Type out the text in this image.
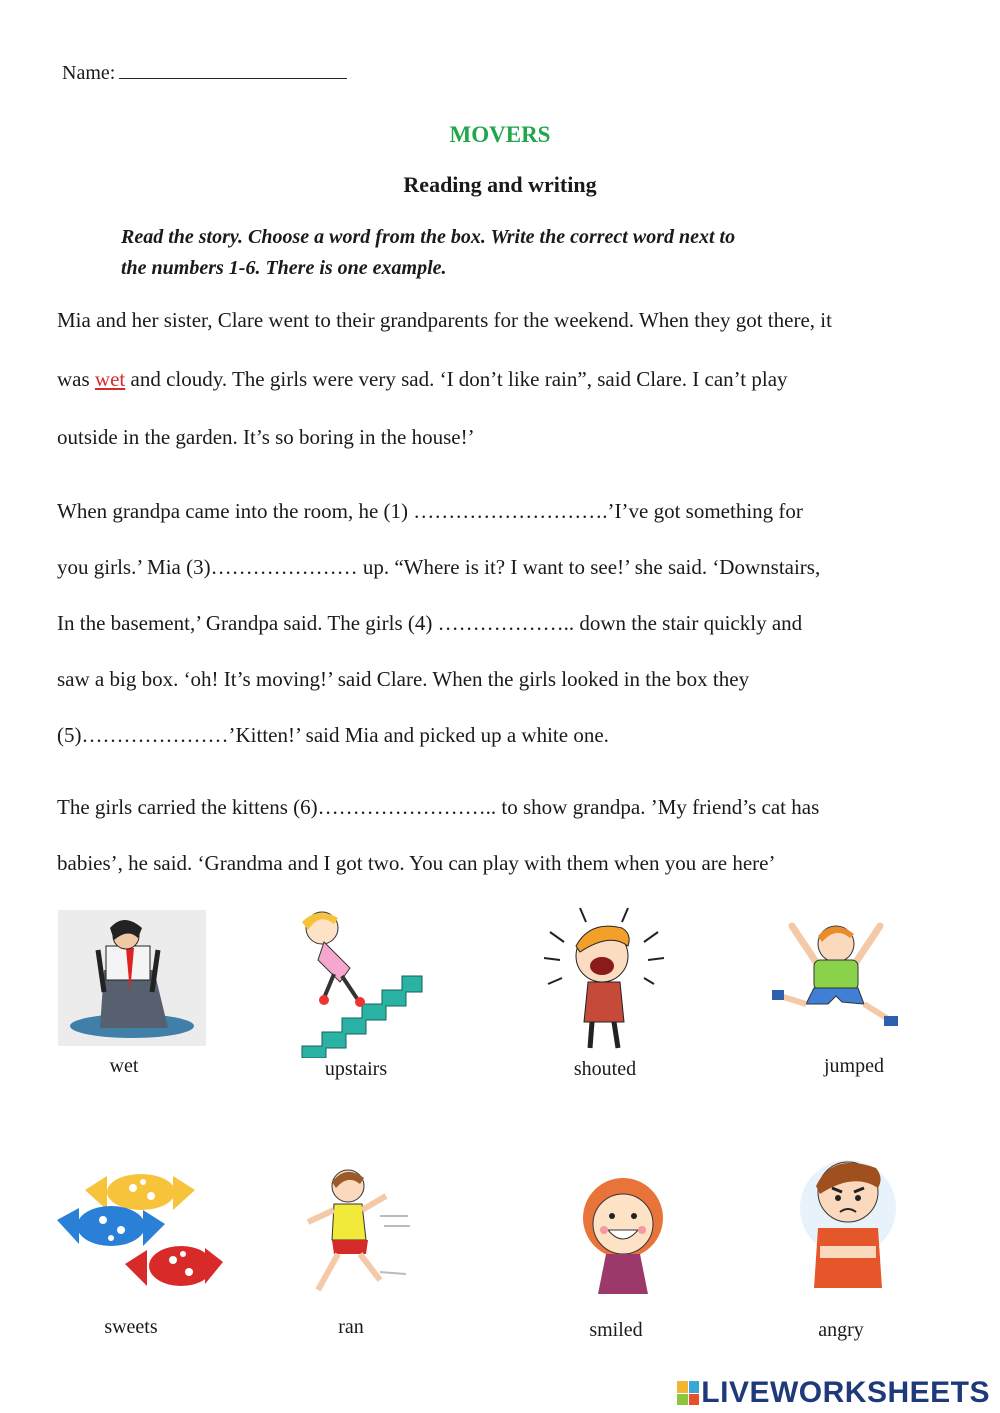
Name:
MOVERS
Reading and writing
Read the story. Choose a word from the box. Write the correct word next to
the numbers 1-6. There is one example.
Mia and her sister, Clare went to their grandparents for the weekend. When they got there, it
was wet and cloudy. The girls were very sad. ‘I don’t like rain”, said Clare. I can’t play
outside in the garden. It’s so boring in the house!’
When grandpa came into the room, he (1) ……………………….’I’ve got something for
you girls.’ Mia (3)………………… up. “Where is it? I want to see!’ she said. ‘Downstairs,
In the basement,’ Grandpa said. The girls (4) ……………….. down the stair quickly and
saw a big box. ‘oh! It’s moving!’ said Clare. When the girls looked in the box they
(5)…………………’Kitten!’ said Mia and picked up a white one.
The girls carried the kittens (6)…………………….. to show grandpa. ’My friend’s cat has
babies’, he said. ‘Grandma and I got two. You can play with them when you are here’
wet	upstairs	shouted	jumped
sweets	ran	smiled	angry
LIVEWORKSHEETS
